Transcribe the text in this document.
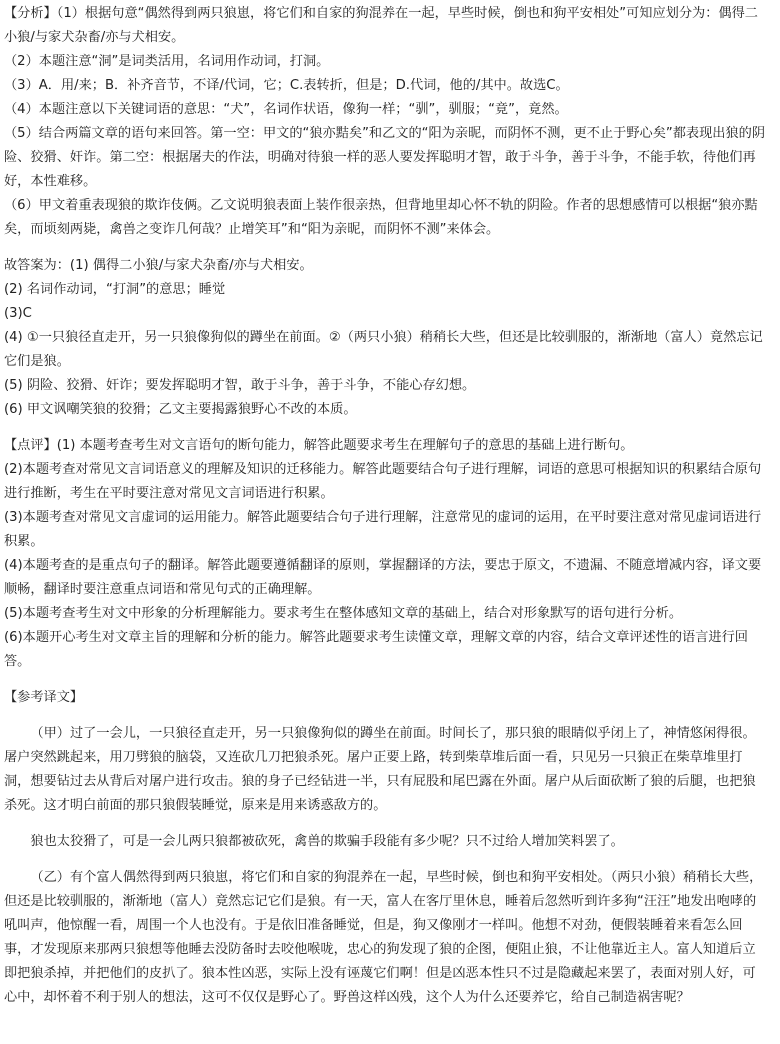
【分析】（1）根据句意“偶然得到两只狼崽，将它们和自家的狗混养在一起，早些时候，倒也和狗平安相处”可知应划分为：偶得二小狼/与家犬杂畜/亦与犬相安。

（2）本题注意“洞”是词类活用，名词用作动词，打洞。

（3）A．用/来；B．补齐音节，不译/代词，它；C.表转折，但是；D.代词，他的/其中。故选C。

（4）本题注意以下关键词语的意思：“犬”，名词作状语，像狗一样；“驯”，驯服；“竟”，竟然。

（5）结合两篇文章的语句来回答。第一空：甲文的“狼亦黠矣”和乙文的“阳为亲昵，而阴怀不测，更不止于野心矣”都表现出狼的阴险、狡猾、奸诈。第二空：根据屠夫的作法，明确对待狼一样的恶人要发挥聪明才智，敢于斗争，善于斗争，不能手软，待他们再好，本性难移。

（6）甲文着重表现狼的欺诈伎俩。乙文说明狼表面上装作很亲热，但背地里却心怀不轨的阴险。作者的思想感情可以根据“狼亦黠矣，而顷刻两毙，禽兽之变诈几何哉？止增笑耳”和“阳为亲昵，而阴怀不测”来体会。

故答案为：(1) 偶得二小狼/与家犬杂畜/亦与犬相安。

(2) 名词作动词，“打洞”的意思；睡觉

(3)C

(4) ①一只狼径直走开，另一只狼像狗似的蹲坐在前面。②（两只小狼）稍稍长大些，但还是比较驯服的，渐渐地（富人）竟然忘记它们是狼。

(5) 阴险、狡猾、奸诈；要发挥聪明才智，敢于斗争，善于斗争，不能心存幻想。

(6) 甲文讽嘲笑狼的狡猾；乙文主要揭露狼野心不改的本质。

【点评】(1) 本题考查考生对文言语句的断句能力，解答此题要求考生在理解句子的意思的基础上进行断句。

(2)本题考查对常见文言词语意义的理解及知识的迁移能力。解答此题要结合句子进行理解，词语的意思可根据知识的积累结合原句进行推断，考生在平时要注意对常见文言词语进行积累。

(3)本题考查对常见文言虚词的运用能力。解答此题要结合句子进行理解，注意常见的虚词的运用，在平时要注意对常见虚词语进行积累。

(4)本题考查的是重点句子的翻译。解答此题要遵循翻译的原则，掌握翻译的方法，要忠于原文，不遗漏、不随意增减内容，译文要顺畅，翻译时要注意重点词语和常见句式的正确理解。

(5)本题考查考生对文中形象的分析理解能力。要求考生在整体感知文章的基础上，结合对形象默写的语句进行分析。

(6)本题开心考生对文章主旨的理解和分析的能力。解答此题要求考生读懂文章，理解文章的内容，结合文章评述性的语言进行回答。

【参考译文】

（甲）过了一会儿，一只狼径直走开，另一只狼像狗似的蹲坐在前面。时间长了，那只狼的眼睛似乎闭上了，神情悠闲得很。屠户突然跳起来，用刀劈狼的脑袋，又连砍几刀把狼杀死。屠户正要上路，转到柴草堆后面一看，只见另一只狼正在柴草堆里打洞，想要钻过去从背后对屠户进行攻击。狼的身子已经钻进一半，只有屁股和尾巴露在外面。屠户从后面砍断了狼的后腿，也把狼杀死。这才明白前面的那只狼假装睡觉，原来是用来诱惑敌方的。

狼也太狡猾了，可是一会儿两只狼都被砍死，禽兽的欺骗手段能有多少呢？只不过给人增加笑料罢了。

（乙）有个富人偶然得到两只狼崽，将它们和自家的狗混养在一起，早些时候，倒也和狗平安相处。（两只小狼）稍稍长大些，但还是比较驯服的，渐渐地（富人）竟然忘记它们是狼。有一天，富人在客厅里休息，睡着后忽然听到许多狗“汪汪”地发出咆哮的吼叫声，他惊醒一看，周围一个人也没有。于是依旧准备睡觉，但是，狗又像刚才一样叫。他想不对劲，便假装睡着来看怎么回事，才发现原来那两只狼想等他睡去没防备时去咬他喉咙，忠心的狗发现了狼的企图，便阻止狼，不让他靠近主人。富人知道后立即把狼杀掉，并把他们的皮扒了。狼本性凶恶，实际上没有诬蔑它们啊！但是凶恶本性只不过是隐藏起来罢了，表面对别人好，可心中，却怀着不利于别人的想法，这可不仅仅是野心了。野兽这样凶残，这个人为什么还要养它，给自己制造祸害呢？
